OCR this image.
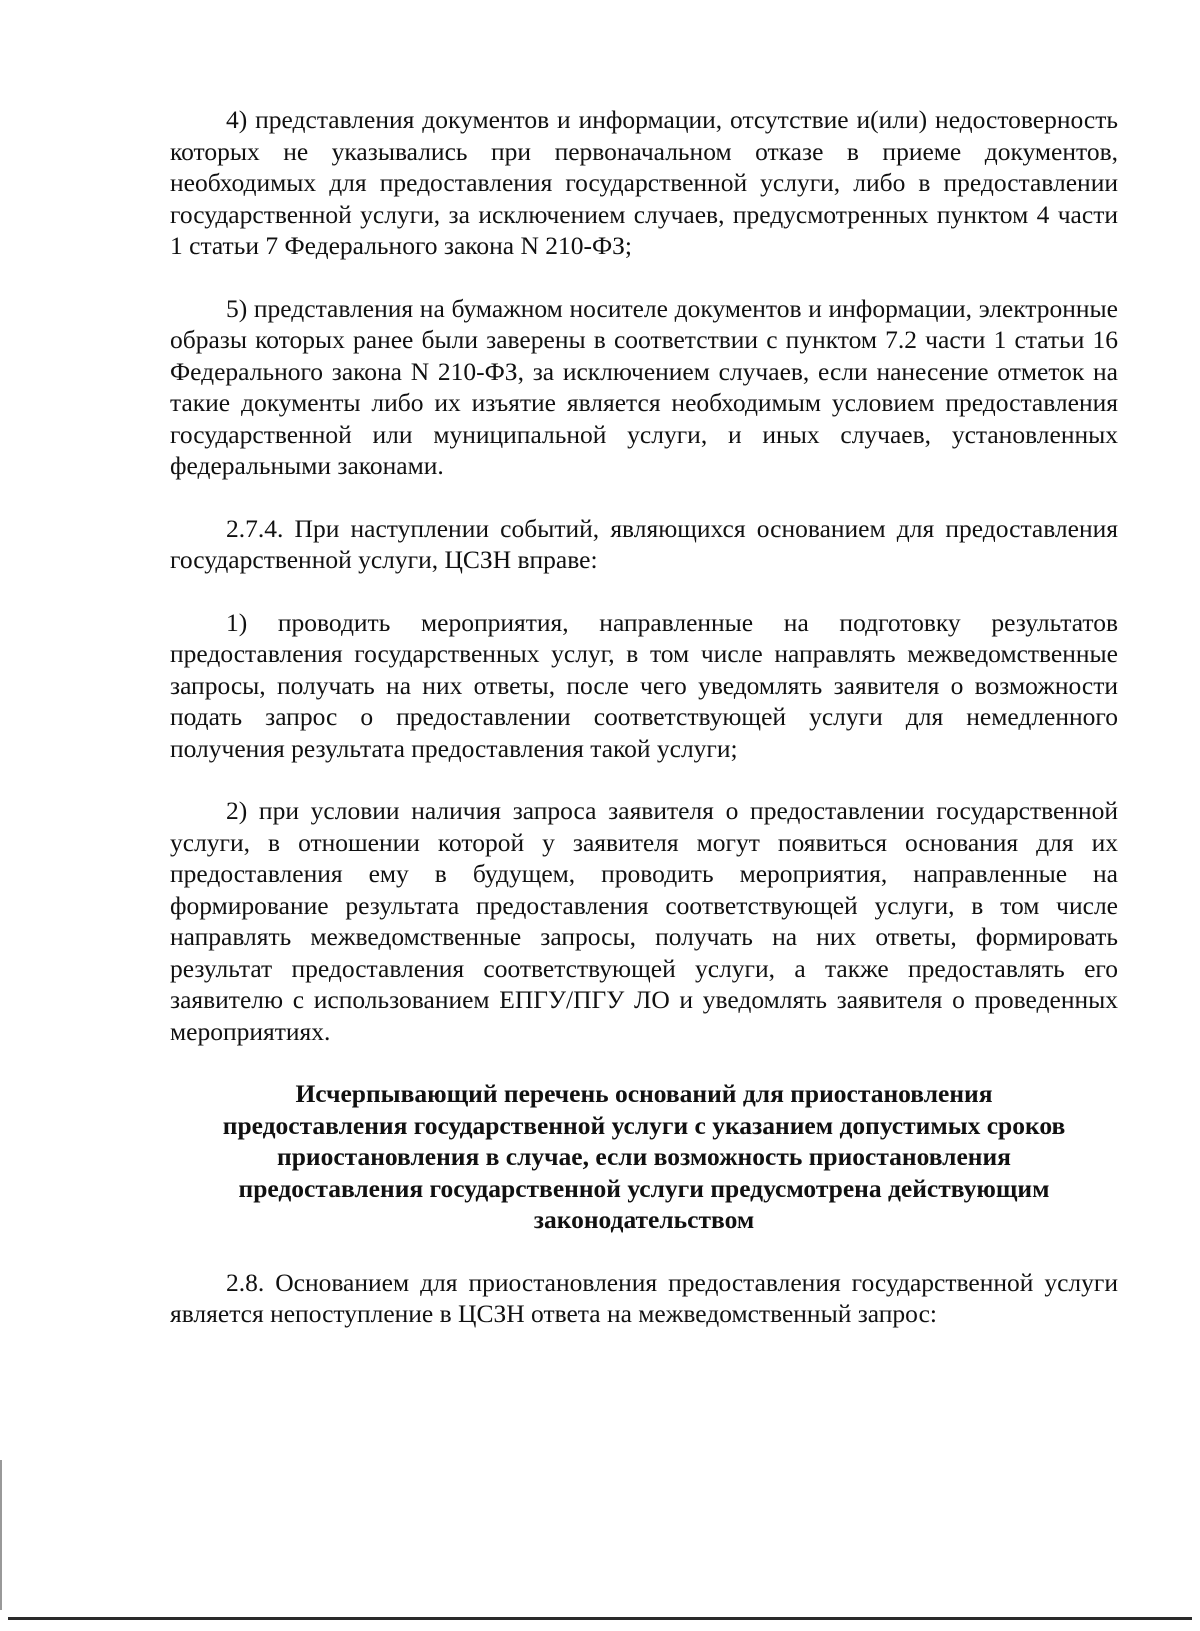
4) представления документов и информации, отсутствие и(или) недостоверность которых не указывались при первоначальном отказе в приеме документов, необходимых для предоставления государственной услуги, либо в предоставлении государственной услуги, за исключением случаев, предусмотренных пунктом 4 части 1 статьи 7 Федерального закона N 210-ФЗ;

5) представления на бумажном носителе документов и информации, электронные образы которых ранее были заверены в соответствии с пунктом 7.2 части 1 статьи 16 Федерального закона N 210-ФЗ, за исключением случаев, если нанесение отметок на такие документы либо их изъятие является необходимым условием предоставления государственной или муниципальной услуги, и иных случаев, установленных федеральными законами.

2.7.4. При наступлении событий, являющихся основанием для предоставления государственной услуги, ЦСЗН вправе:

1) проводить мероприятия, направленные на подготовку результатов предоставления государственных услуг, в том числе направлять межведомственные запросы, получать на них ответы, после чего уведомлять заявителя о возможности подать запрос о предоставлении соответствующей услуги для немедленного получения результата предоставления такой услуги;

2) при условии наличия запроса заявителя о предоставлении государственной услуги, в отношении которой у заявителя могут появиться основания для их предоставления ему в будущем, проводить мероприятия, направленные на формирование результата предоставления соответствующей услуги, в том числе направлять межведомственные запросы, получать на них ответы, формировать результат предоставления соответствующей услуги, а также предоставлять его заявителю с использованием ЕПГУ/ПГУ ЛО и уведомлять заявителя о проведенных мероприятиях.

Исчерпывающий перечень оснований для приостановления предоставления государственной услуги с указанием допустимых сроков приостановления в случае, если возможность приостановления предоставления государственной услуги предусмотрена действующим законодательством

2.8. Основанием для приостановления предоставления государственной услуги является непоступление в ЦСЗН ответа на межведомственный запрос:
